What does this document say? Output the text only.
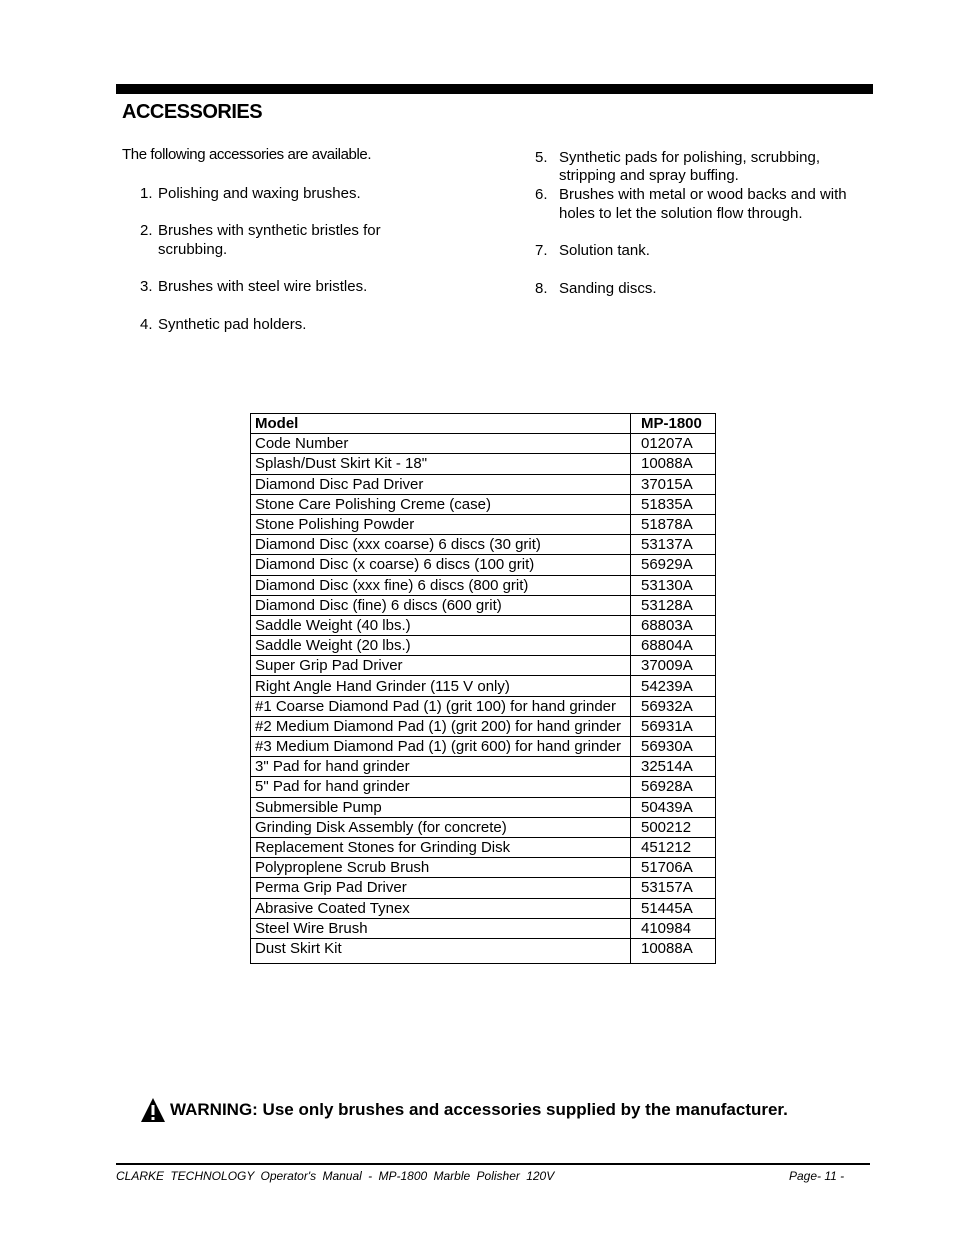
ACCESSORIES
The following accessories are available.
1. Polishing and waxing brushes.
2. Brushes with synthetic bristles for
scrubbing.
3. Brushes with steel wire bristles.
4. Synthetic pad holders.
5. Synthetic pads for polishing, scrubbing,
stripping and spray buffing.
6. Brushes with metal or wood backs and with
holes to let the solution flow through.
7. Solution tank.
8. Sanding discs.
Model	MP-1800
Code Number	01207A
Splash/Dust Skirt Kit - 18"	10088A
Diamond Disc Pad Driver	37015A
Stone Care Polishing Creme (case)	51835A
Stone Polishing Powder	51878A
Diamond Disc (xxx coarse) 6 discs (30 grit)	53137A
Diamond Disc (x coarse) 6 discs (100 grit)	56929A
Diamond Disc (xxx fine) 6 discs (800 grit)	53130A
Diamond Disc (fine) 6 discs (600 grit)	53128A
Saddle Weight (40 lbs.)	68803A
Saddle Weight (20 lbs.)	68804A
Super Grip Pad Driver	37009A
Right Angle Hand Grinder (115 V only)	54239A
#1 Coarse Diamond Pad (1) (grit 100) for hand grinder	56932A
#2 Medium Diamond Pad (1) (grit 200) for hand grinder	56931A
#3 Medium Diamond Pad (1) (grit 600) for hand grinder	56930A
3" Pad for hand grinder	32514A
5" Pad for hand grinder	56928A
Submersible Pump	50439A
Grinding Disk Assembly (for concrete)	500212
Replacement Stones for Grinding Disk	451212
Polyproplene Scrub Brush	51706A
Perma Grip Pad Driver	53157A
Abrasive Coated Tynex	51445A
Steel Wire Brush	410984
Dust Skirt Kit	10088A
WARNING: Use only brushes and accessories supplied by the manufacturer.
CLARKE TECHNOLOGY Operator's Manual - MP-1800 Marble Polisher 120V	Page- 11 -
